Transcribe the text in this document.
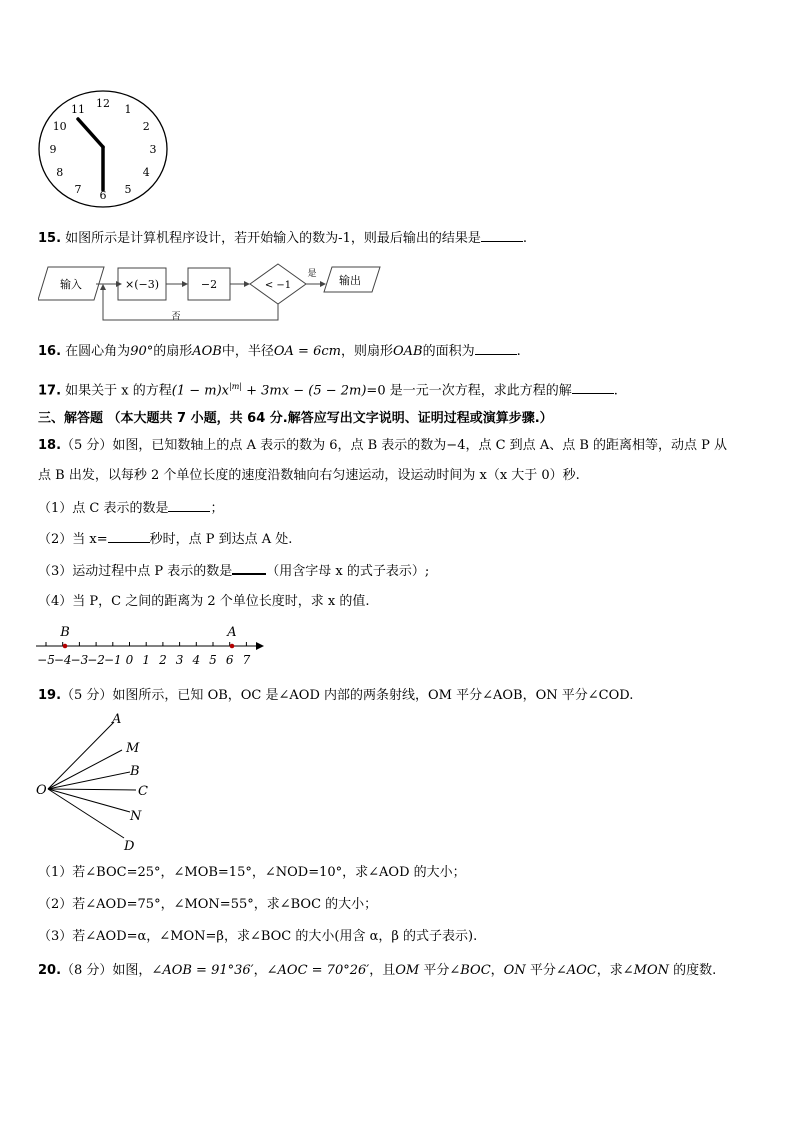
12 1
2
3
4
5
6
7
8
9
10
11
15. 如图所示是计算机程序设计，若开始输入的数为-1，则最后输出的结果是	.
输入	×(−3)	−2	< −1
是 输出
否
16. 在圆心角为90°的扇形AOB中，半径OA = 6cm，则扇形OAB的面积为	.
17. 如果关于 x 的方程$(1 - m)x^{|m|} + 3mx - (5 - 2m)=0$ 是一元一次方程，求此方程的解	.
三、解答题 （本大题共 7 小题，共 64 分.解答应写出文字说明、证明过程或演算步骤.）
18.（5 分）如图，已知数轴上的点 A 表示的数为 6，点 B 表示的数为−4，点 C 到点 A、点 B 的距离相等，动点 P 从
点 B 出发，以每秒 2 个单位长度的速度沿数轴向右匀速运动，设运动时间为 x（x 大于 0）秒.
（1）点 C 表示的数是	；
（2）当 x=	秒时，点 P 到达点 A 处.
（3）运动过程中点 P 表示的数是	（用含字母 x 的式子表示）;
（4）当 P，C 之间的距离为 2 个单位长度时，求 x 的值.
−5
−4
−3
−2
−1 0 1 2 3 4 5 6 7
B	A
19.（5 分）如图所示，已知 OB，OC 是∠AOD 内部的两条射线，OM 平分∠AOB，ON 平分∠COD.
O
A
M
B
C
N
D
（1）若∠BOC=25°，∠MOB=15°，∠NOD=10°，求∠AOD 的大小；
（2）若∠AOD=75°，∠MON=55°，求∠BOC 的大小；
（3）若∠AOD=α，∠MON=β，求∠BOC 的大小(用含 α，β 的式子表示).
20.（8 分）如图，∠AOB = 91°36′，∠AOC = 70°26′，且OM 平分∠BOC，ON 平分∠AOC，求∠MON 的度数.
